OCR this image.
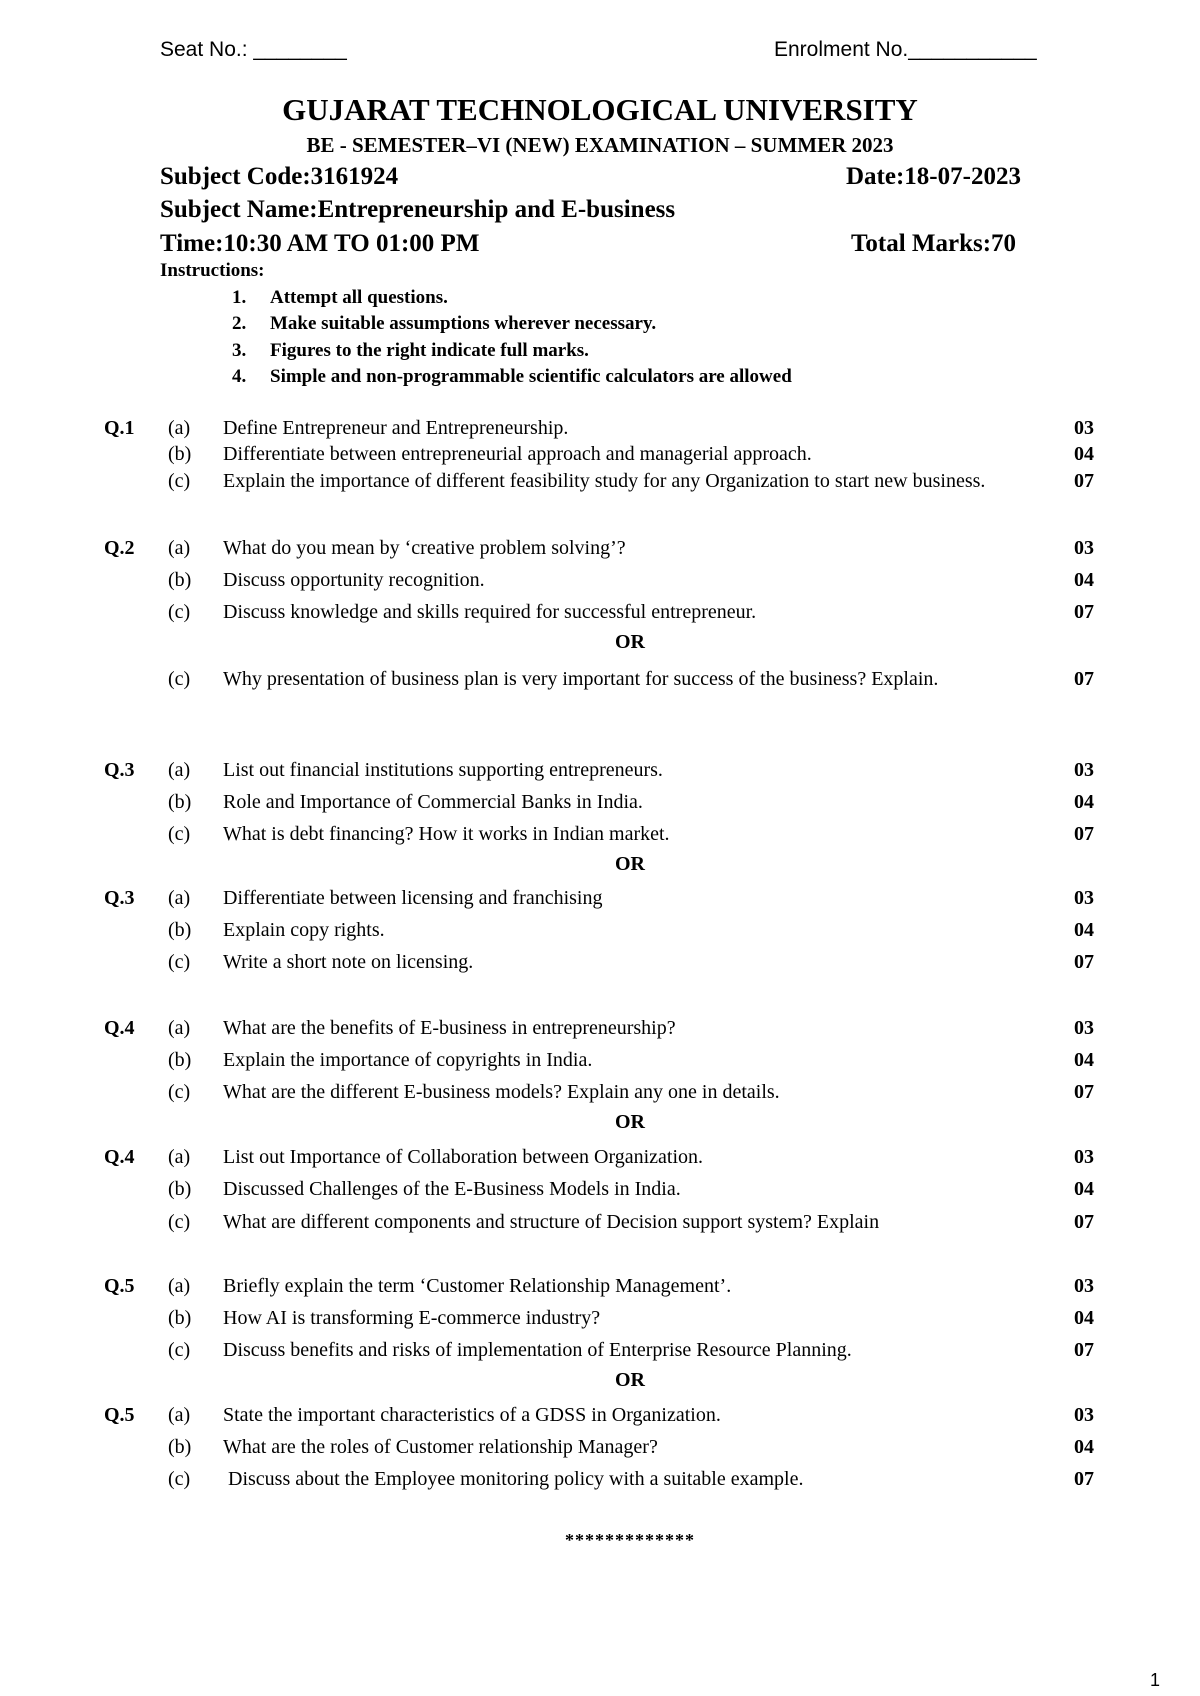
Seat No.: ________	Enrolment No.___________
GUJARAT TECHNOLOGICAL UNIVERSITY
BE - SEMESTER–VI (NEW) EXAMINATION – SUMMER 2023
Subject Code:3161924	Date:18-07-2023
Subject Name:Entrepreneurship and E-business
Time:10:30 AM TO 01:00 PM	Total Marks:70
Instructions:
1. Attempt all questions.
2. Make suitable assumptions wherever necessary.
3. Figures to the right indicate full marks.
4. Simple and non-programmable scientific calculators are allowed
Q.1 (a) Define Entrepreneur and Entrepreneurship.	03
(b) Differentiate between entrepreneurial approach and managerial approach.	04
(c) Explain the importance of different feasibility study for any Organization to start new business.	07
Q.2 (a) What do you mean by ‘creative problem solving’?	03
(b) Discuss opportunity recognition.	04
(c) Discuss knowledge and skills required for successful entrepreneur.	07
OR
(c) Why presentation of business plan is very important for success of the business? Explain.	07
Q.3 (a) List out financial institutions supporting entrepreneurs.	03
(b) Role and Importance of Commercial Banks in India.	04
(c) What is debt financing? How it works in Indian market.	07
OR
Q.3 (a) Differentiate between licensing and franchising	03
(b) Explain copy rights.	04
(c) Write a short note on licensing.	07
Q.4 (a) What are the benefits of E-business in entrepreneurship?	03
(b) Explain the importance of copyrights in India.	04
(c) What are the different E-business models? Explain any one in details.	07
OR
Q.4 (a) List out Importance of Collaboration between Organization.	03
(b) Discussed Challenges of the E-Business Models in India.	04
(c) What are different components and structure of Decision support system? Explain	07
Q.5 (a) Briefly explain the term ‘Customer Relationship Management’.	03
(b) How AI is transforming E-commerce industry?	04
(c) Discuss benefits and risks of implementation of Enterprise Resource Planning.	07
OR
Q.5 (a) State the important characteristics of a GDSS in Organization.	03
(b) What are the roles of Customer relationship Manager?	04
(c) Discuss about the Employee monitoring policy with a suitable example.	07
*************
1
